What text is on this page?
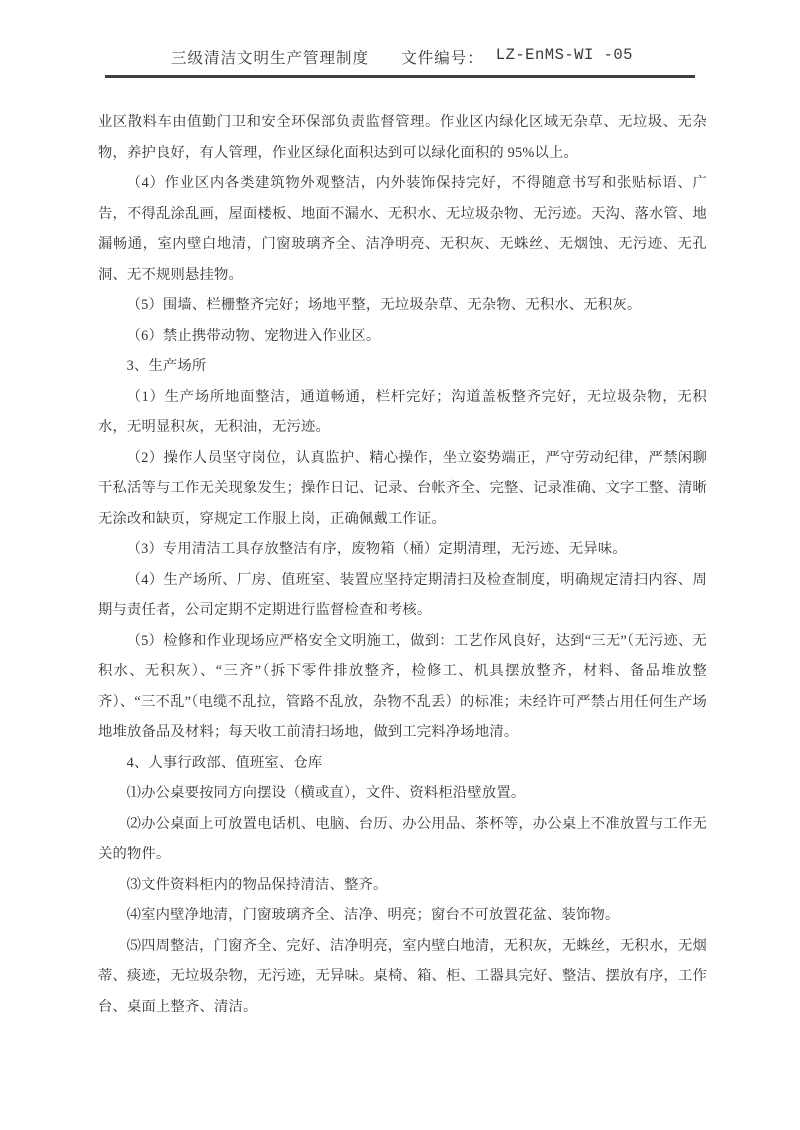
三级清洁文明生产管理制度 文件编号： LZ-EnMS-WI -05

业区散料车由值勤门卫和安全环保部负责监督管理。作业区内绿化区域无杂草、无垃圾、无杂物，养护良好，有人管理，作业区绿化面积达到可以绿化面积的 95%以上。

（4）作业区内各类建筑物外观整洁，内外装饰保持完好，不得随意书写和张贴标语、广告，不得乱涂乱画，屋面楼板、地面不漏水、无积水、无垃圾杂物、无污迹。天沟、落水管、地漏畅通，室内壁白地清，门窗玻璃齐全、洁净明亮、无积灰、无蛛丝、无烟蚀、无污迹、无孔洞、无不规则悬挂物。

（5）围墙、栏栅整齐完好；场地平整，无垃圾杂草、无杂物、无积水、无积灰。

（6）禁止携带动物、宠物进入作业区。

3、生产场所

（1）生产场所地面整洁，通道畅通，栏杆完好；沟道盖板整齐完好，无垃圾杂物，无积水，无明显积灰，无积油，无污迹。

（2）操作人员坚守岗位，认真监护、精心操作，坐立姿势端正，严守劳动纪律，严禁闲聊干私活等与工作无关现象发生；操作日记、记录、台帐齐全、完整、记录准确、文字工整、清晰无涂改和缺页，穿规定工作服上岗，正确佩戴工作证。

（3）专用清洁工具存放整洁有序，废物箱（桶）定期清理，无污迹、无异味。

（4）生产场所、厂房、值班室、装置应坚持定期清扫及检查制度，明确规定清扫内容、周期与责任者，公司定期不定期进行监督检查和考核。

（5）检修和作业现场应严格安全文明施工，做到：工艺作风良好，达到“三无”（无污迹、无积水、无积灰）、“三齐”（拆下零件排放整齐，检修工、机具摆放整齐，材料、备品堆放整齐）、“三不乱”（电缆不乱拉，管路不乱放，杂物不乱丢）的标准；未经许可严禁占用任何生产场地堆放备品及材料；每天收工前清扫场地，做到工完料净场地清。

4、人事行政部、值班室、仓库

⑴办公桌要按同方向摆设（横或直），文件、资料柜沿壁放置。

⑵办公桌面上可放置电话机、电脑、台历、办公用品、茶杯等，办公桌上不准放置与工作无关的物件。

⑶文件资料柜内的物品保持清洁、整齐。

⑷室内壁净地清，门窗玻璃齐全、洁净、明亮；窗台不可放置花盆、装饰物。

⑸四周整洁，门窗齐全、完好、洁净明亮，室内壁白地清，无积灰，无蛛丝，无积水，无烟蒂、痰迹，无垃圾杂物，无污迹，无异味。桌椅、箱、柜、工器具完好、整洁、摆放有序，工作台、桌面上整齐、清洁。
